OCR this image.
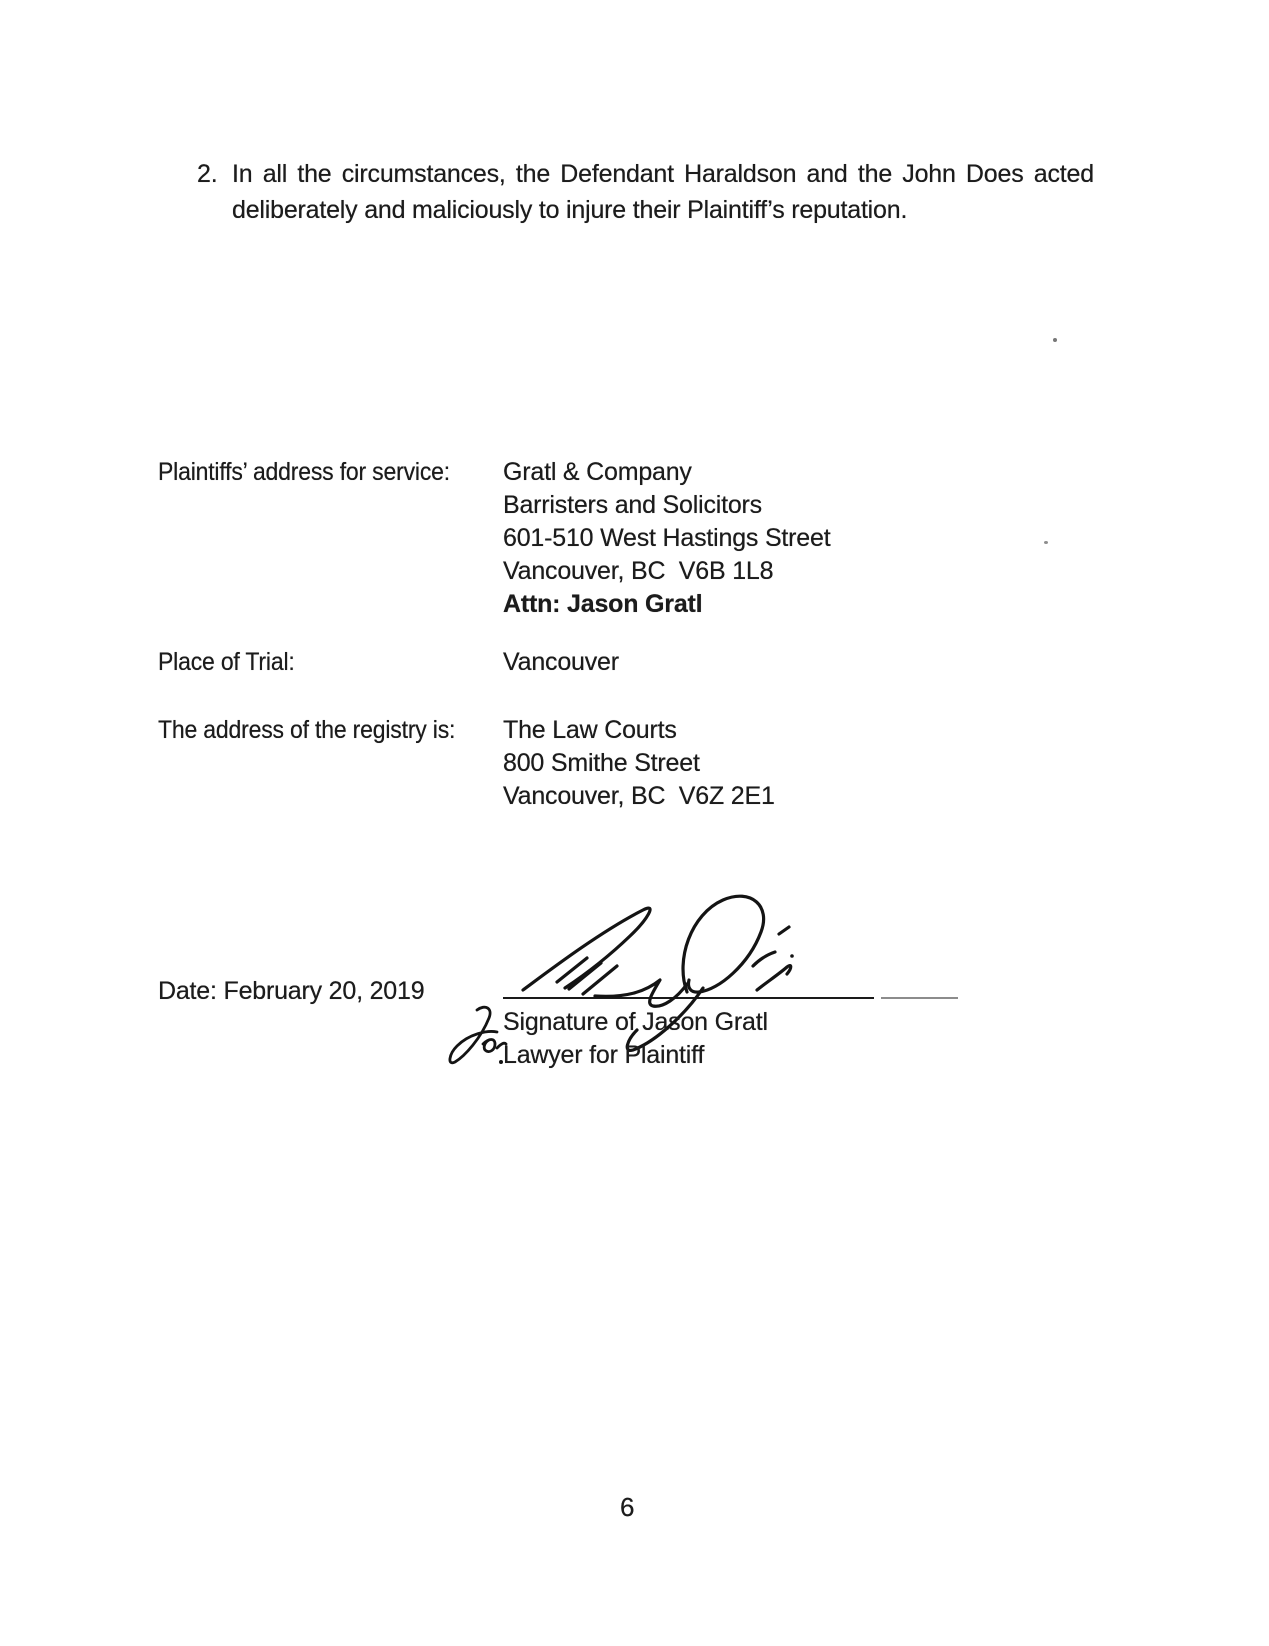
2. In all the circumstances, the Defendant Haraldson and the John Does acted
deliberately and maliciously to injure their Plaintiff’s reputation.
Plaintiffs’ address for service: Gratl & Company
Barristers and Solicitors
601-510 West Hastings Street
Vancouver, BC  V6B 1L8
Attn: Jason Gratl
Place of Trial:	Vancouver
The address of the registry is: The Law Courts
800 Smithe Street
Vancouver, BC  V6Z 2E1
Date: February 20, 2019
Signature of Jason Gratl
Lawyer for Plaintiff
6
